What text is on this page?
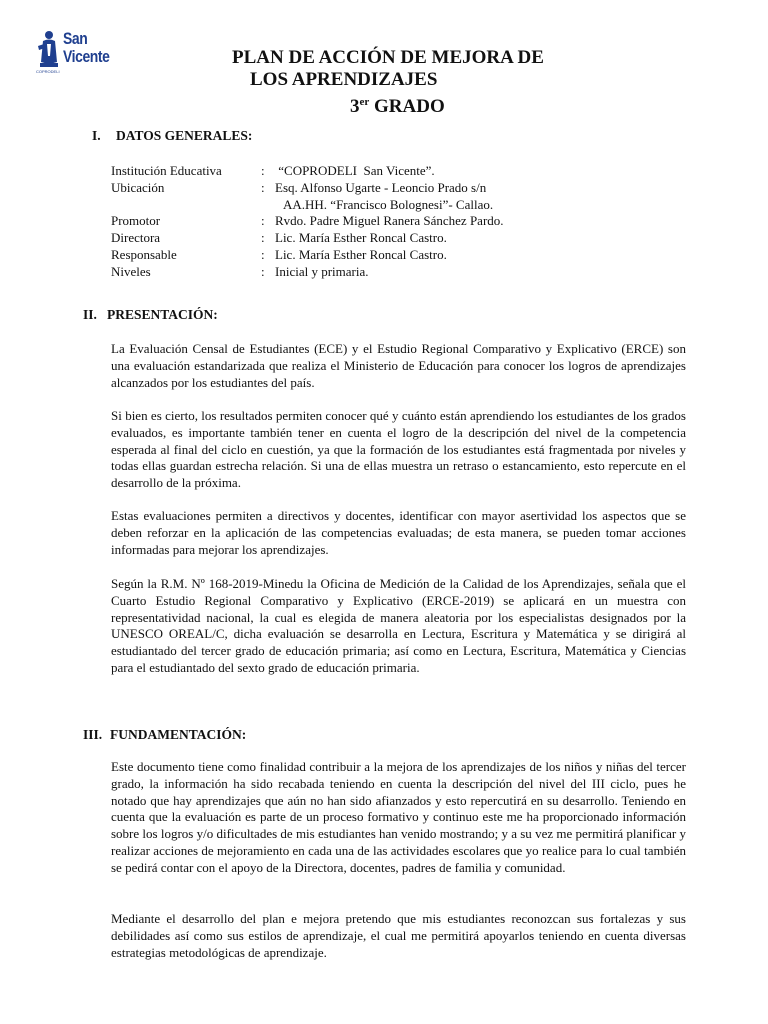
San
Vicente
COPRODELI
PLAN DE ACCIÓN DE MEJORA DE
LOS APRENDIZAJES
3er GRADO
I. DATOS GENERALES:
Institución Educativa	: “COPRODELI  San Vicente”.
Ubicación	: Esq. Alfonso Ugarte - Leoncio Prado s/n
AA.HH. “Francisco Bolognesi”- Callao.
Promotor	: Rvdo. Padre Miguel Ranera Sánchez Pardo.
Directora	: Lic. María Esther Roncal Castro.
Responsable	: Lic. María Esther Roncal Castro.
Niveles	: Inicial y primaria.
II. PRESENTACIÓN:

La Evaluación Censal de Estudiantes (ECE) y el Estudio Regional Comparativo y Explicativo (ERCE) son una evaluación estandarizada que realiza el Ministerio de Educación para conocer los logros de aprendizajes alcanzados por los estudiantes del país.

Si bien es cierto, los resultados permiten conocer qué y cuánto están aprendiendo los estudiantes de los grados evaluados, es importante también tener en cuenta el logro de la descripción del nivel de la competencia esperada al final del ciclo en cuestión, ya que la formación de los estudiantes está fragmentada por niveles y todas ellas guardan estrecha relación. Si una de ellas muestra un retraso o estancamiento, esto repercute en el desarrollo de la próxima.

Estas evaluaciones permiten a directivos y docentes, identificar con mayor asertividad los aspectos que se deben reforzar en la aplicación de las competencias evaluadas; de esta manera, se pueden tomar acciones informadas para mejorar los aprendizajes.

Según la R.M. Nº 168-2019-Minedu la Oficina de Medición de la Calidad de los Aprendizajes, señala que el Cuarto Estudio Regional Comparativo y Explicativo (ERCE-2019) se aplicará en un muestra con representatividad nacional, la cual es elegida de manera aleatoria por los especialistas designados por la UNESCO OREAL/C, dicha evaluación se desarrolla en Lectura, Escritura y Matemática y se dirigirá al estudiantado del tercer grado de educación primaria; así como en Lectura, Escritura, Matemática y Ciencias para el estudiantado del sexto grado de educación primaria.

III. FUNDAMENTACIÓN:

Este documento tiene como finalidad contribuir a la mejora de los aprendizajes de los niños y niñas del tercer grado, la información ha sido recabada teniendo en cuenta la descripción del nivel del III ciclo, pues he notado que hay aprendizajes que aún no han sido afianzados y esto repercutirá en su desarrollo. Teniendo en cuenta que la evaluación es parte de un proceso formativo y continuo este me ha proporcionado información sobre los logros y/o dificultades de mis estudiantes han venido mostrando; y a su vez me permitirá planificar y realizar acciones de mejoramiento en cada una de las actividades escolares que yo realice para lo cual también se pedirá contar con el apoyo de la Directora, docentes, padres de familia y comunidad.

Mediante el desarrollo del plan e mejora pretendo que mis estudiantes reconozcan sus fortalezas y sus debilidades así como sus estilos de aprendizaje, el cual me permitirá apoyarlos teniendo en cuenta diversas estrategias metodológicas de aprendizaje.
